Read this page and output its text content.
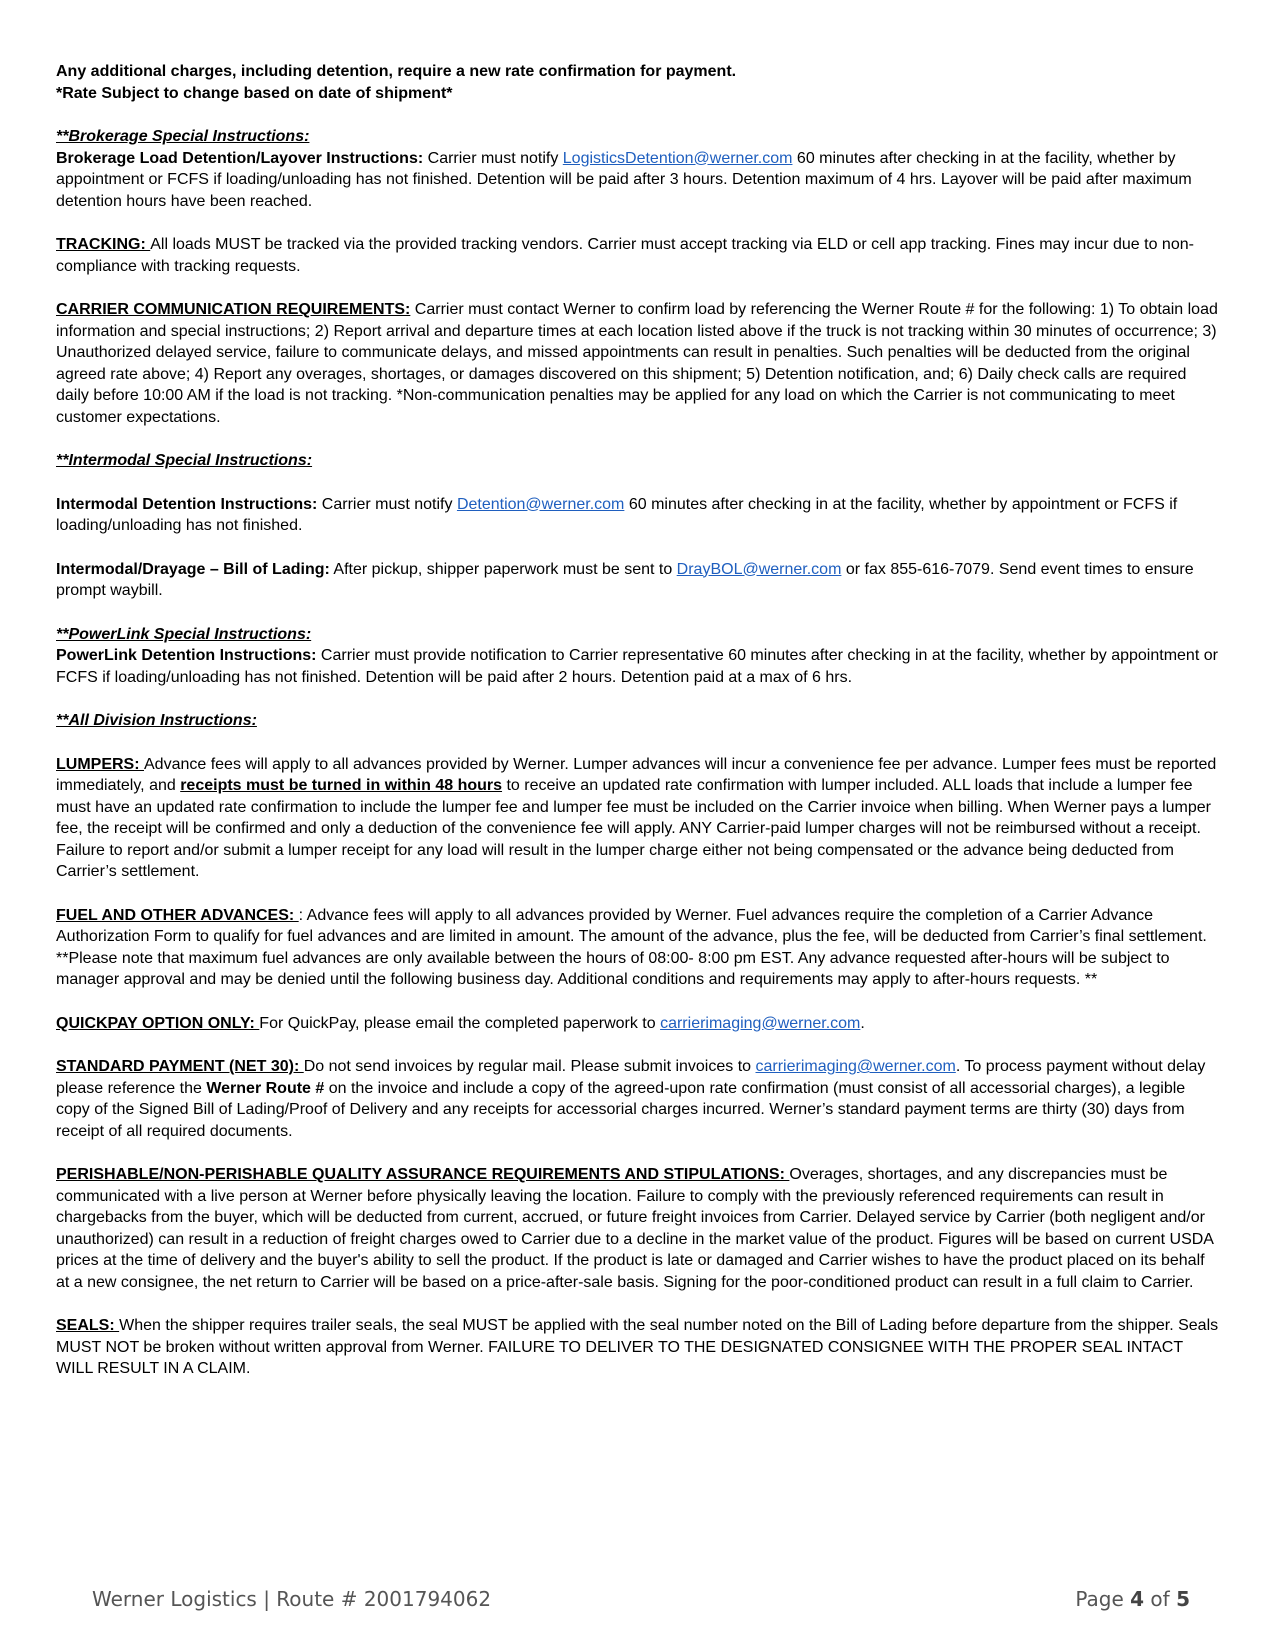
Any additional charges, including detention, require a new rate confirmation for payment.

*Rate Subject to change based on date of shipment*

**Brokerage Special Instructions:

Brokerage Load Detention/Layover Instructions: Carrier must notify LogisticsDetention@werner.com 60 minutes after checking in at the facility, whether by appointment or FCFS if loading/unloading has not finished. Detention will be paid after 3 hours. Detention maximum of 4 hrs. Layover will be paid after maximum detention hours have been reached.

TRACKING: All loads MUST be tracked via the provided tracking vendors. Carrier must accept tracking via ELD or cell app tracking. Fines may incur due to non-compliance with tracking requests.

CARRIER COMMUNICATION REQUIREMENTS: Carrier must contact Werner to confirm load by referencing the Werner Route # for the following: 1) To obtain load information and special instructions; 2) Report arrival and departure times at each location listed above if the truck is not tracking within 30 minutes of occurrence; 3) Unauthorized delayed service, failure to communicate delays, and missed appointments can result in penalties. Such penalties will be deducted from the original agreed rate above; 4) Report any overages, shortages, or damages discovered on this shipment; 5) Detention notification, and; 6) Daily check calls are required daily before 10:00 AM if the load is not tracking. *Non-communication penalties may be applied for any load on which the Carrier is not communicating to meet customer expectations.

**Intermodal Special Instructions:

Intermodal Detention Instructions: Carrier must notify Detention@werner.com 60 minutes after checking in at the facility, whether by appointment or FCFS if loading/unloading has not finished.

Intermodal/Drayage – Bill of Lading: After pickup, shipper paperwork must be sent to DrayBOL@werner.com or fax 855-616-7079. Send event times to ensure prompt waybill.

**PowerLink Special Instructions:

PowerLink Detention Instructions: Carrier must provide notification to Carrier representative 60 minutes after checking in at the facility, whether by appointment or FCFS if loading/unloading has not finished. Detention will be paid after 2 hours. Detention paid at a max of 6 hrs.

**All Division Instructions:

LUMPERS: Advance fees will apply to all advances provided by Werner. Lumper advances will incur a convenience fee per advance. Lumper fees must be reported immediately, and receipts must be turned in within 48 hours to receive an updated rate confirmation with lumper included. ALL loads that include a lumper fee must have an updated rate confirmation to include the lumper fee and lumper fee must be included on the Carrier invoice when billing. When Werner pays a lumper fee, the receipt will be confirmed and only a deduction of the convenience fee will apply. ANY Carrier-paid lumper charges will not be reimbursed without a receipt. Failure to report and/or submit a lumper receipt for any load will result in the lumper charge either not being compensated or the advance being deducted from Carrier’s settlement.

FUEL AND OTHER ADVANCES: : Advance fees will apply to all advances provided by Werner. Fuel advances require the completion of a Carrier Advance Authorization Form to qualify for fuel advances and are limited in amount. The amount of the advance, plus the fee, will be deducted from Carrier’s final settlement. **Please note that maximum fuel advances are only available between the hours of 08:00- 8:00 pm EST. Any advance requested after-hours will be subject to manager approval and may be denied until the following business day. Additional conditions and requirements may apply to after-hours requests. **

QUICKPAY OPTION ONLY: For QuickPay, please email the completed paperwork to carrierimaging@werner.com.

STANDARD PAYMENT (NET 30): Do not send invoices by regular mail. Please submit invoices to carrierimaging@werner.com. To process payment without delay please reference the Werner Route # on the invoice and include a copy of the agreed-upon rate confirmation (must consist of all accessorial charges), a legible copy of the Signed Bill of Lading/Proof of Delivery and any receipts for accessorial charges incurred. Werner’s standard payment terms are thirty (30) days from receipt of all required documents.

PERISHABLE/NON-PERISHABLE QUALITY ASSURANCE REQUIREMENTS AND STIPULATIONS: Overages, shortages, and any discrepancies must be communicated with a live person at Werner before physically leaving the location. Failure to comply with the previously referenced requirements can result in chargebacks from the buyer, which will be deducted from current, accrued, or future freight invoices from Carrier. Delayed service by Carrier (both negligent and/or unauthorized) can result in a reduction of freight charges owed to Carrier due to a decline in the market value of the product. Figures will be based on current USDA prices at the time of delivery and the buyer's ability to sell the product. If the product is late or damaged and Carrier wishes to have the product placed on its behalf at a new consignee, the net return to Carrier will be based on a price-after-sale basis. Signing for the poor-conditioned product can result in a full claim to Carrier.

SEALS: When the shipper requires trailer seals, the seal MUST be applied with the seal number noted on the Bill of Lading before departure from the shipper. Seals MUST NOT be broken without written approval from Werner. FAILURE TO DELIVER TO THE DESIGNATED CONSIGNEE WITH THE PROPER SEAL INTACT WILL RESULT IN A CLAIM.

Werner Logistics | Route # 2001794062	Page 4 of 5
